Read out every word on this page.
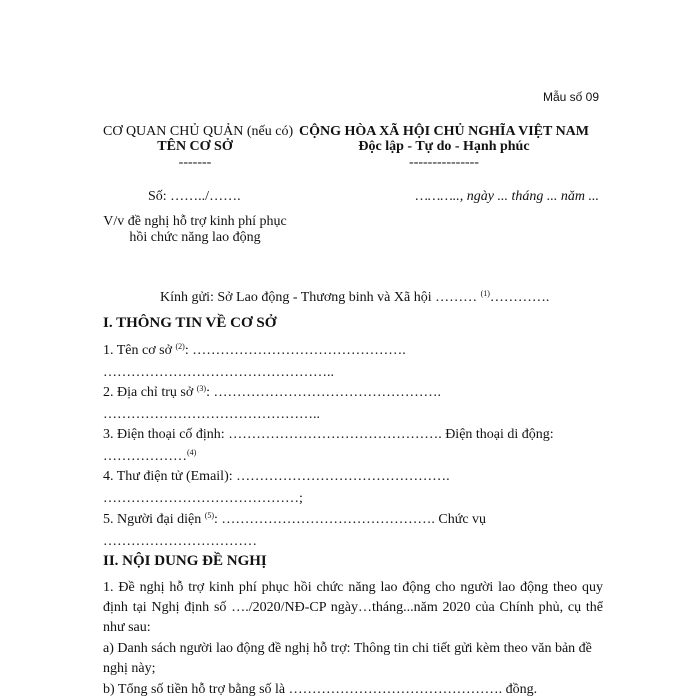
Mẫu số 09
CƠ QUAN CHỦ QUẢN (nếu có)
TÊN CƠ SỞ
-------
CỘNG HÒA XÃ HỘI CHỦ NGHĨA VIỆT NAM
Độc lập - Tự do - Hạnh phúc
---------------
Số: ……../…….	……….., ngày ... tháng ... năm ...
V/v đề nghị hỗ trợ kinh phí phục
hồi chức năng lao động
Kính gửi: Sở Lao động - Thương binh và Xã hội ……… $^{(1)}$………….
I. THÔNG TIN VỀ CƠ SỞ
1. Tên cơ sở $^{(2)}$: ……………………………………….
…………………………………………..
2. Địa chỉ trụ sở $^{(3)}$: ………………………………………….
………………………………………..
3. Điện thoại cố định: ………………………………………. Điện thoại di động:
………………$^{(4)}$
4. Thư điện tử (Email): ……………………………………….
……………………………………;
5. Người đại diện $^{(5)}$: ………………………………………. Chức vụ
……………………………
II. NỘI DUNG ĐỀ NGHỊ
1. Đề nghị hỗ trợ kinh phí phục hồi chức năng lao động cho người lao động theo quy định tại Nghị định số …./2020/NĐ-CP ngày…tháng...năm 2020 của Chính phủ, cụ thể như sau:
a) Danh sách người lao động đề nghị hỗ trợ: Thông tin chi tiết gửi kèm theo văn bản đề nghị này;
b) Tổng số tiền hỗ trợ bằng số là ………………………………………. đồng.
